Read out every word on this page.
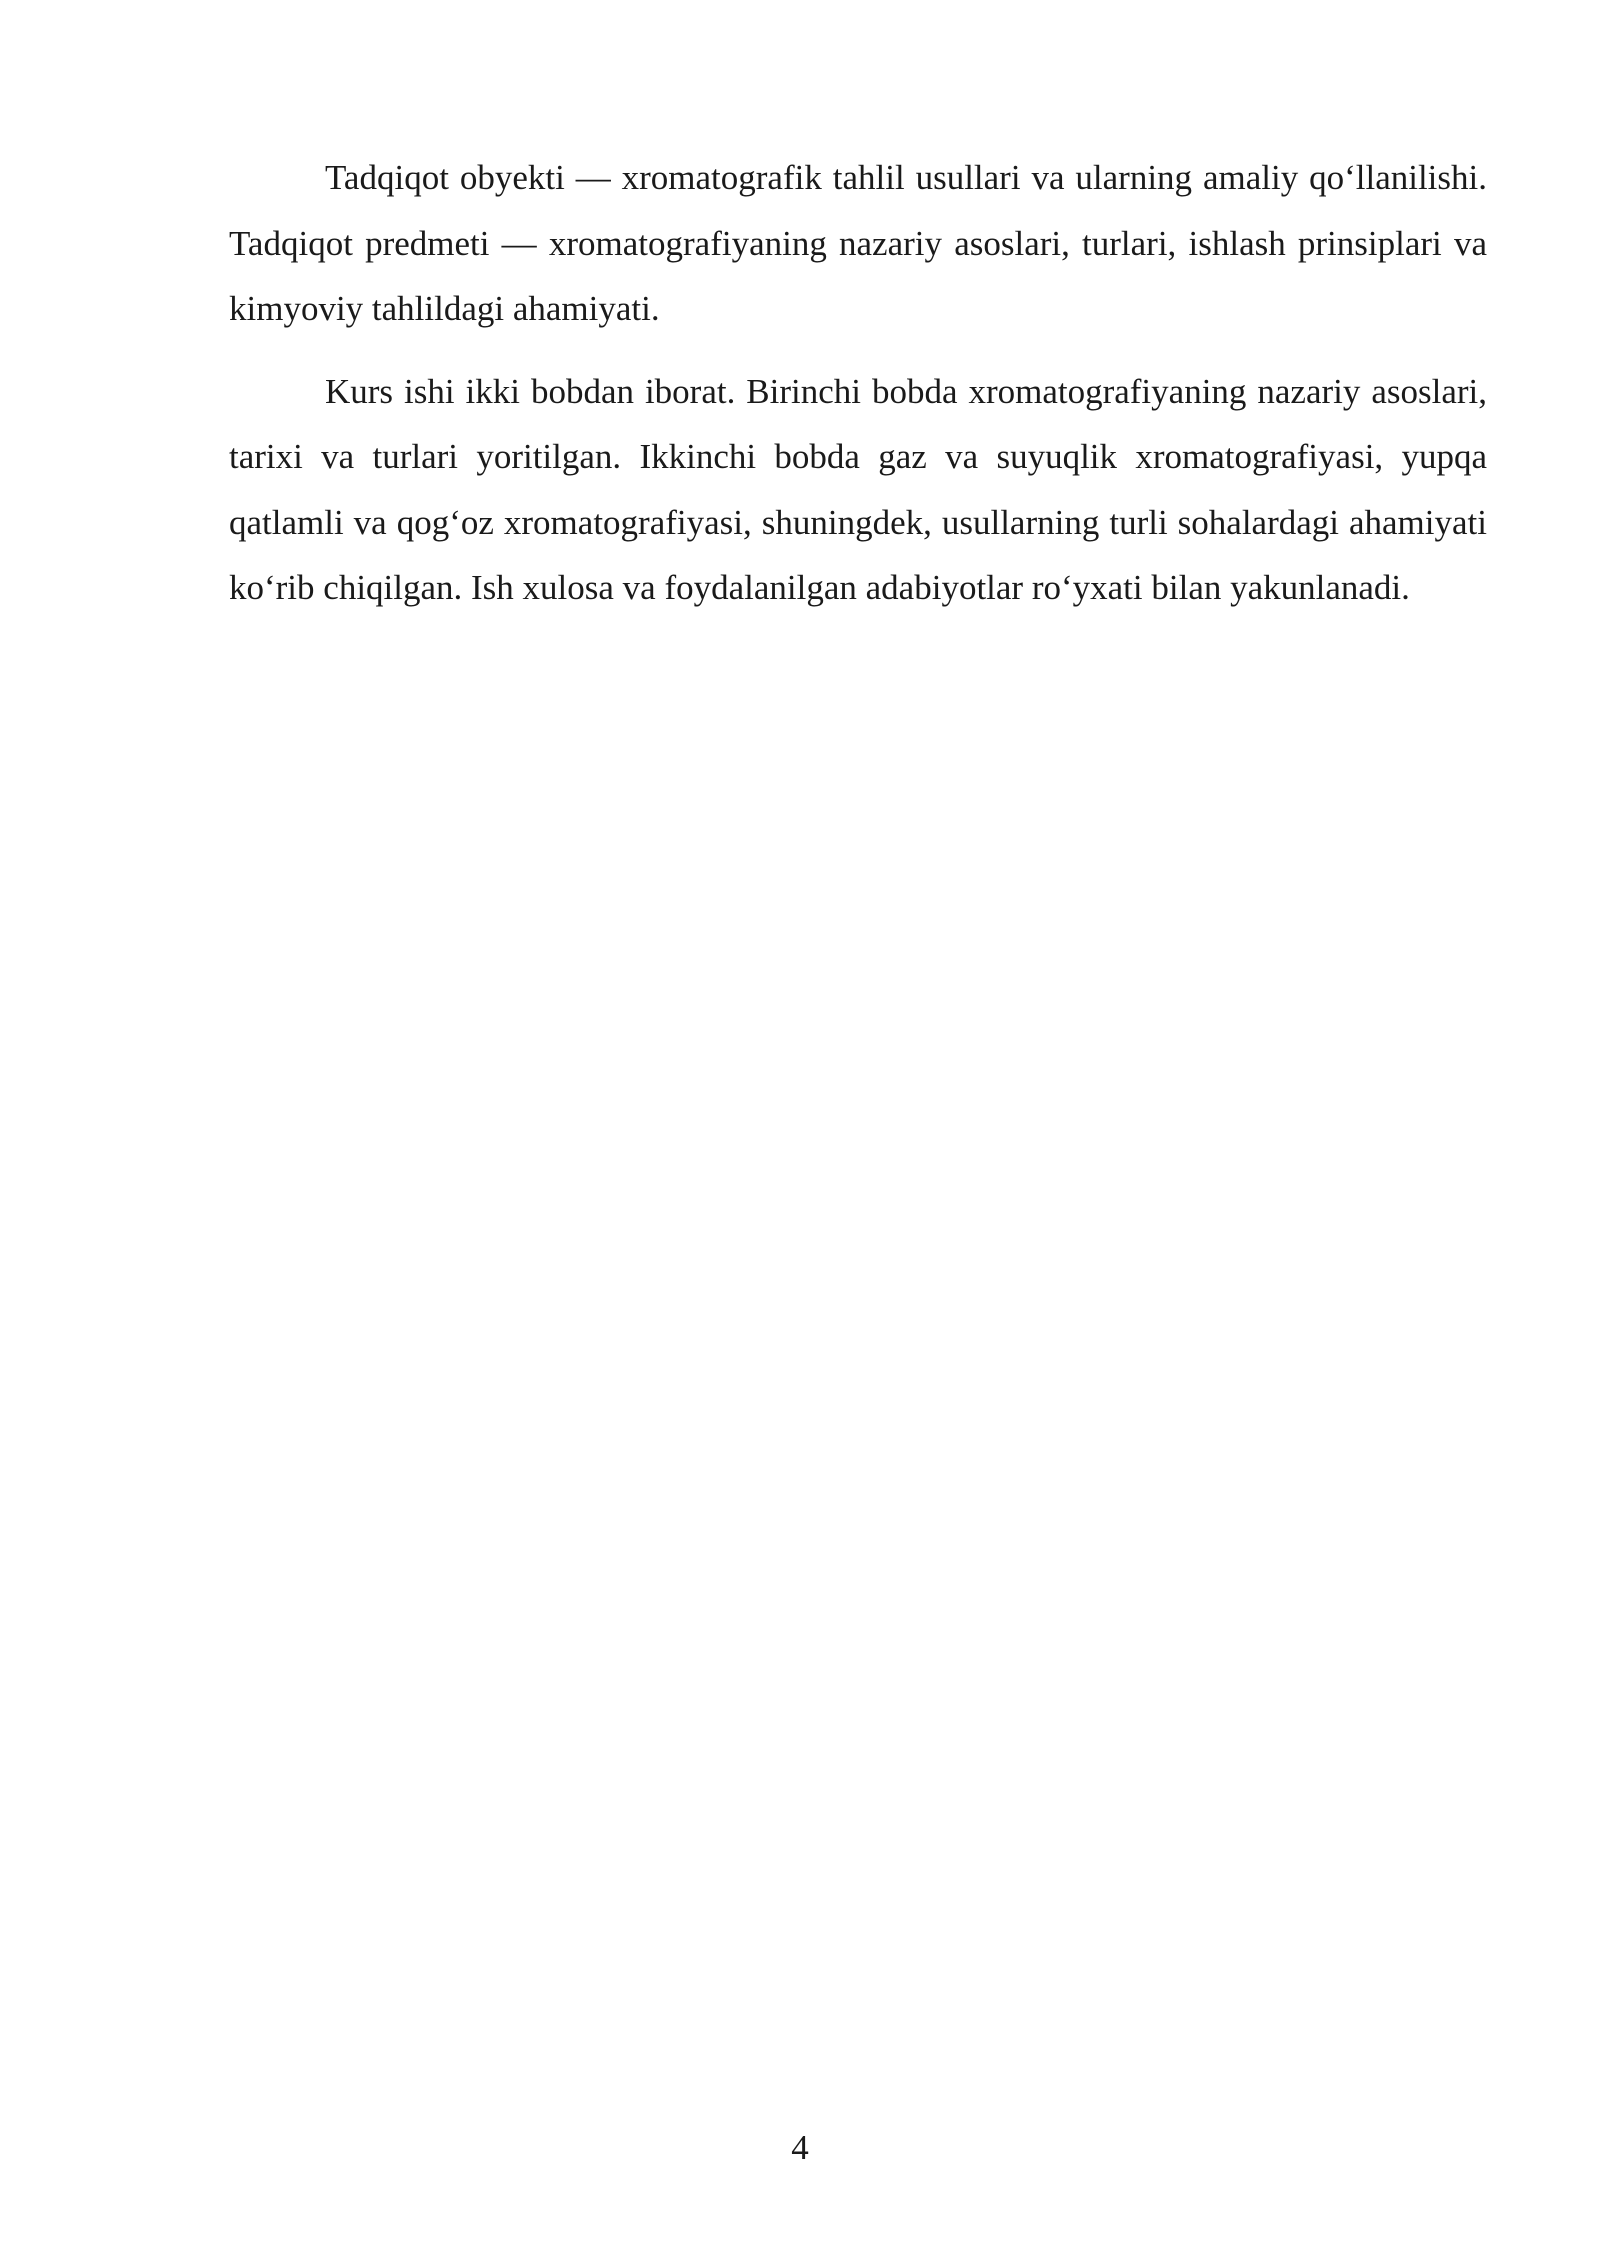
Tadqiqot obyekti — xromatografik tahlil usullari va ularning amaliy qo‘llanilishi. Tadqiqot predmeti — xromatografiyaning nazariy asoslari, turlari, ishlash prinsiplari va kimyoviy tahlildagi ahamiyati.

Kurs ishi ikki bobdan iborat. Birinchi bobda xromatografiyaning nazariy asoslari, tarixi va turlari yoritilgan. Ikkinchi bobda gaz va suyuqlik xromatografiyasi, yupqa qatlamli va qog‘oz xromatografiyasi, shuningdek, usullarning turli sohalardagi ahamiyati ko‘rib chiqilgan. Ish xulosa va foydalanilgan adabiyotlar ro‘yxati bilan yakunlanadi.

4
